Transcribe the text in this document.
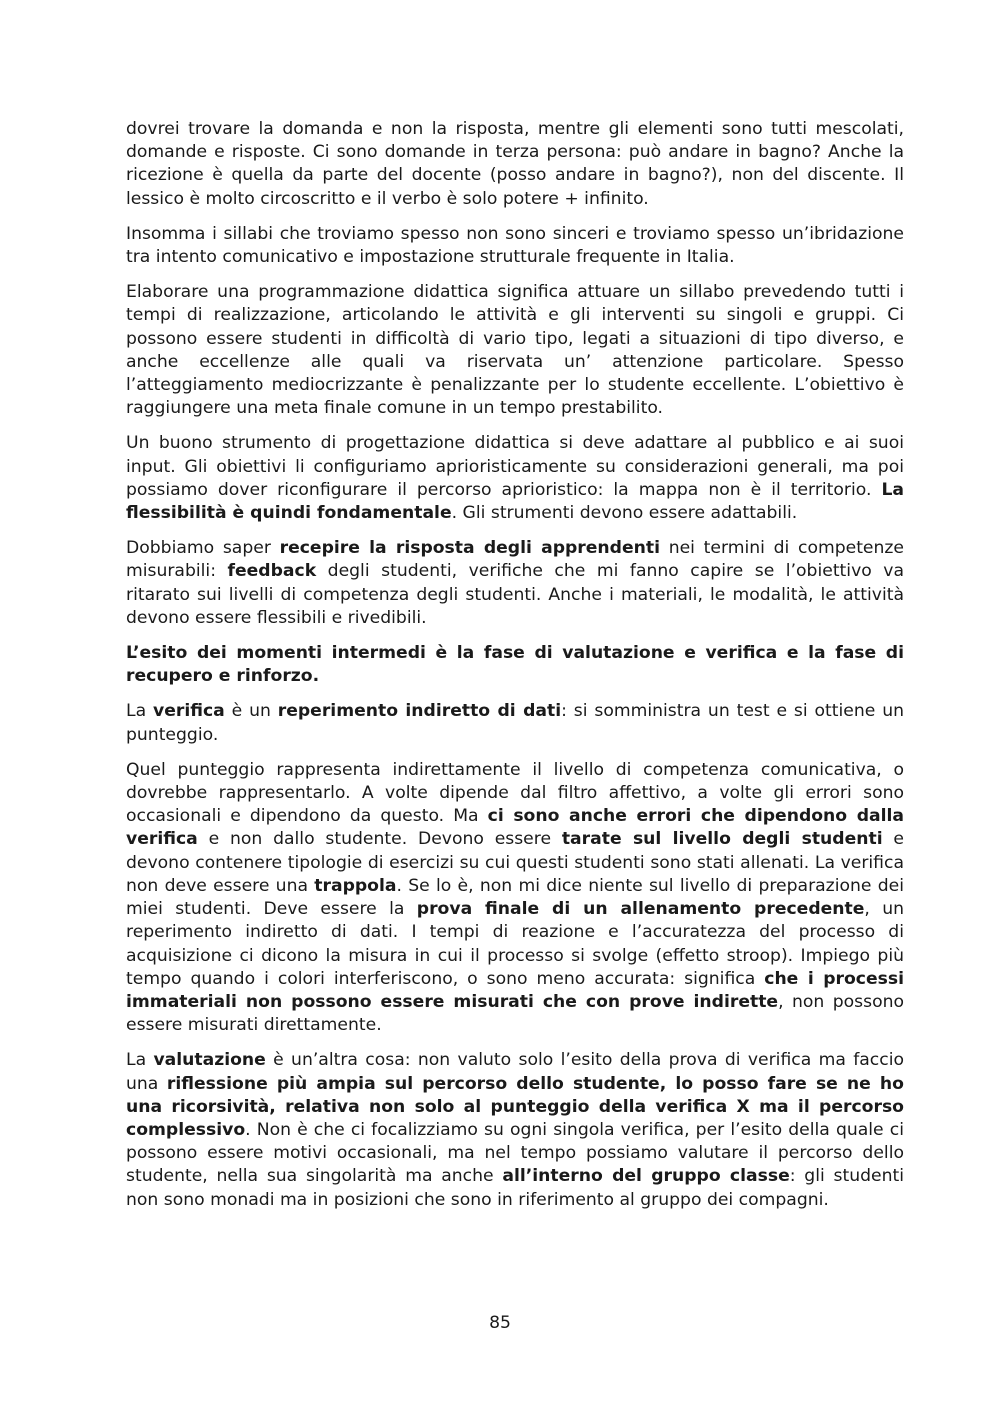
dovrei trovare la domanda e non la risposta, mentre gli elementi sono tutti mescolati, domande e risposte. Ci sono domande in terza persona: può andare in bagno? Anche la ricezione è quella da parte del docente (posso andare in bagno?), non del discente. Il lessico è molto circoscritto e il verbo è solo potere + infinito.

Insomma i sillabi che troviamo spesso non sono sinceri e troviamo spesso un’ibridazione tra intento comunicativo e impostazione strutturale frequente in Italia.

Elaborare una programmazione didattica significa attuare un sillabo prevedendo tutti i tempi di realizzazione, articolando le attività e gli interventi su singoli e gruppi. Ci possono essere studenti in difficoltà di vario tipo, legati a situazioni di tipo diverso, e anche eccellenze alle quali va riservata un’ attenzione particolare. Spesso l’atteggiamento mediocrizzante è penalizzante per lo studente eccellente. L’obiettivo è raggiungere una meta finale comune in un tempo prestabilito.

Un buono strumento di progettazione didattica si deve adattare al pubblico e ai suoi input. Gli obiettivi li configuriamo aprioristicamente su considerazioni generali, ma poi possiamo dover riconfigurare il percorso aprioristico: la mappa non è il territorio. La flessibilità è quindi fondamentale. Gli strumenti devono essere adattabili.

Dobbiamo saper recepire la risposta degli apprendenti nei termini di competenze misurabili: feedback degli studenti, verifiche che mi fanno capire se l’obiettivo va ritarato sui livelli di competenza degli studenti. Anche i materiali, le modalità, le attività devono essere flessibili e rivedibili.

L’esito dei momenti intermedi è la fase di valutazione e verifica e la fase di recupero e rinforzo.

La verifica è un reperimento indiretto di dati: si somministra un test e si ottiene un punteggio.

Quel punteggio rappresenta indirettamente il livello di competenza comunicativa, o dovrebbe rappresentarlo. A volte dipende dal filtro affettivo, a volte gli errori sono occasionali e dipendono da questo. Ma ci sono anche errori che dipendono dalla verifica e non dallo studente. Devono essere tarate sul livello degli studenti e devono contenere tipologie di esercizi su cui questi studenti sono stati allenati. La verifica non deve essere una trappola. Se lo è, non mi dice niente sul livello di preparazione dei miei studenti. Deve essere la prova finale di un allenamento precedente, un reperimento indiretto di dati. I tempi di reazione e l’accuratezza del processo di acquisizione ci dicono la misura in cui il processo si svolge (effetto stroop). Impiego più tempo quando i colori interferiscono, o sono meno accurata: significa che i processi immateriali non possono essere misurati che con prove indirette, non possono essere misurati direttamente.

La valutazione è un’altra cosa: non valuto solo l’esito della prova di verifica ma faccio una riflessione più ampia sul percorso dello studente, lo posso fare se ne ho una ricorsività, relativa non solo al punteggio della verifica X ma il percorso complessivo. Non è che ci focalizziamo su ogni singola verifica, per l’esito della quale ci possono essere motivi occasionali, ma nel tempo possiamo valutare il percorso dello studente, nella sua singolarità ma anche all’interno del gruppo classe: gli studenti non sono monadi ma in posizioni che sono in riferimento al gruppo dei compagni.

85
